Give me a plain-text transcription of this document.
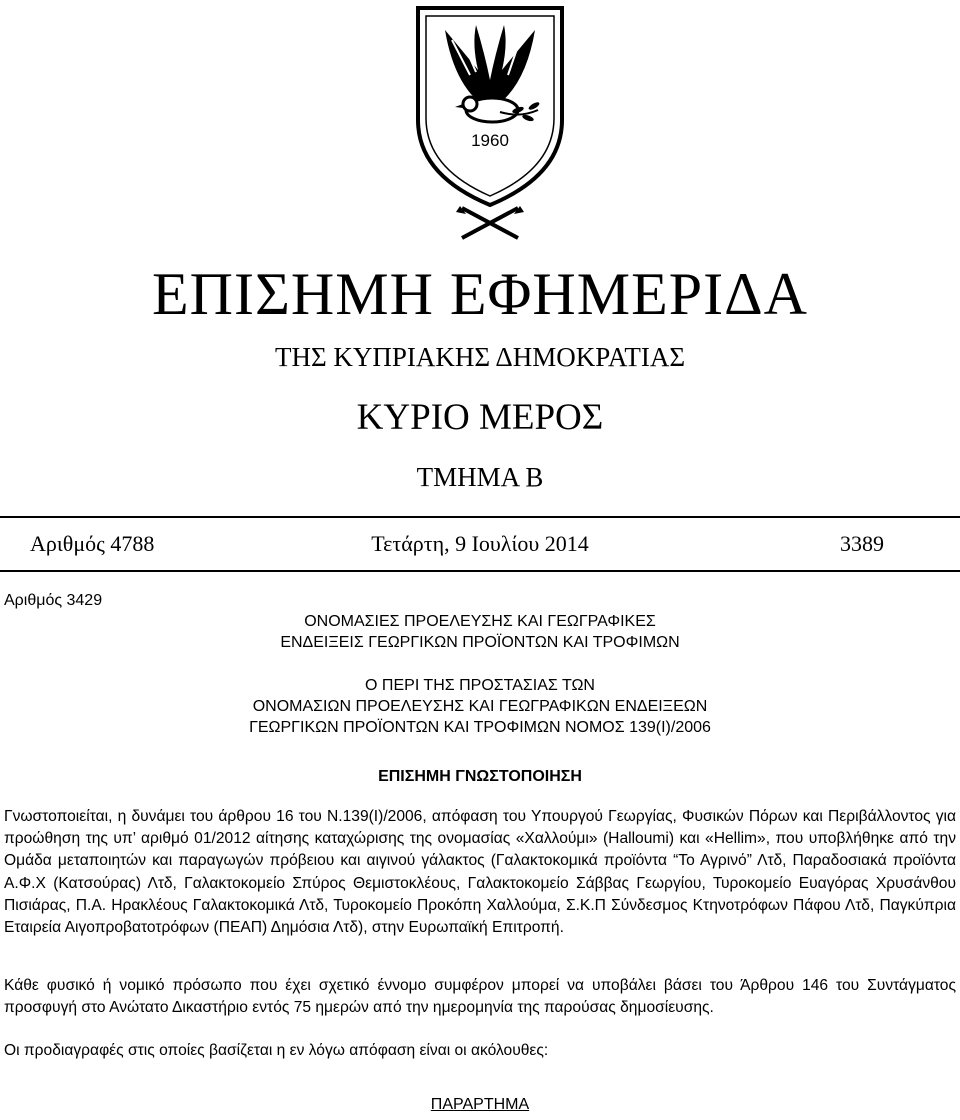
1960
ΕΠΙΣΗΜΗ ΕΦΗΜΕΡΙΔΑ
ΤΗΣ ΚΥΠΡΙΑΚΗΣ ΔΗΜΟΚΡΑΤΙΑΣ
ΚΥΡΙΟ ΜΕΡΟΣ
ΤΜΗΜΑ Β
Αριθμός 4788	Τετάρτη, 9 Ιουλίου 2014	3389
Αριθμός 3429
ΟΝΟΜΑΣΙΕΣ ΠΡΟΕΛΕΥΣΗΣ ΚΑΙ ΓΕΩΓΡΑΦΙΚΕΣ
ΕΝΔΕΙΞΕΙΣ ΓΕΩΡΓΙΚΩΝ ΠΡΟΪΟΝΤΩΝ ΚΑΙ ΤΡΟΦΙΜΩΝ
Ο ΠΕΡΙ ΤΗΣ ΠΡΟΣΤΑΣΙΑΣ ΤΩΝ
ΟΝΟΜΑΣΙΩΝ ΠΡΟΕΛΕΥΣΗΣ ΚΑΙ ΓΕΩΓΡΑΦΙΚΩΝ ΕΝΔΕΙΞΕΩΝ
ΓΕΩΡΓΙΚΩΝ ΠΡΟΪΟΝΤΩΝ ΚΑΙ ΤΡΟΦΙΜΩΝ ΝΟΜΟΣ 139(Ι)/2006
ΕΠΙΣΗΜΗ ΓΝΩΣΤΟΠΟΙΗΣΗ
Γνωστοποιείται, η δυνάμει του άρθρου 16 του Ν.139(Ι)/2006, απόφαση του Υπουργού Γεωργίας, Φυσικών Πόρων και Περιβάλλοντος για προώθηση της υπ’ αριθμό 01/2012 αίτησης καταχώρισης της ονομασίας «Χαλλούμι» (Halloumi) και «Hellim», που υποβλήθηκε από την Ομάδα μεταποιητών και παραγωγών πρόβειου και αιγινού γάλακτος (Γαλακτοκομικά προϊόντα “Το Αγρινό” Λτδ, Παραδοσιακά προϊόντα Α.Φ.Χ (Κατσούρας) Λτδ, Γαλακτοκομείο Σπύρος Θεμιστοκλέους, Γαλακτοκομείο Σάββας Γεωργίου, Τυροκομείο Ευαγόρας Χρυσάνθου Πισιάρας, Π.Α. Ηρακλέους Γαλακτοκομικά Λτδ, Τυροκομείο Προκόπη Χαλλούμα, Σ.Κ.Π Σύνδεσμος Κτηνοτρόφων Πάφου Λτδ, Παγκύπρια Εταιρεία Αιγοπροβατοτρόφων (ΠΕΑΠ) Δημόσια Λτδ), στην Ευρωπαϊκή Επιτροπή.
Κάθε φυσικό ή νομικό πρόσωπο που έχει σχετικό έννομο συμφέρον μπορεί να υποβάλει βάσει του Άρθρου 146 του Συντάγματος προσφυγή στο Ανώτατο Δικαστήριο εντός 75 ημερών από την ημερομηνία της παρούσας δημοσίευσης.
Οι προδιαγραφές στις οποίες βασίζεται η εν λόγω απόφαση είναι οι ακόλουθες:
ΠΑΡΑΡΤΗΜΑ
